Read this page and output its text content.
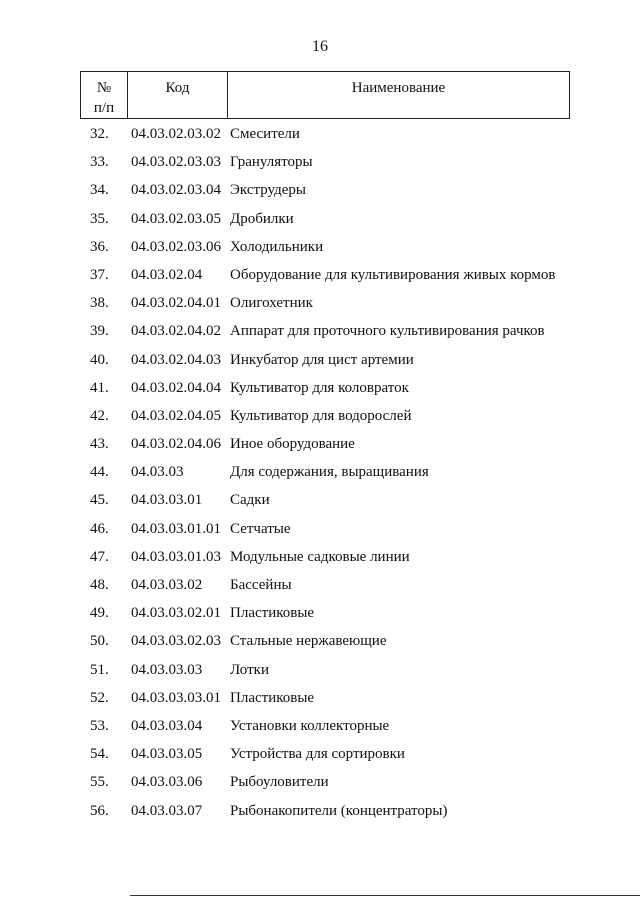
16
№
п/п
Код	Наименование
32. 04.03.02.03.02 Смесители
33. 04.03.02.03.03 Грануляторы
34. 04.03.02.03.04 Экструдеры
35. 04.03.02.03.05 Дробилки
36. 04.03.02.03.06 Холодильники
37. 04.03.02.04 Оборудование для культивирования живых кормов
38. 04.03.02.04.01 Олигохетник
39. 04.03.02.04.02 Аппарат для проточного культивирования рачков
40. 04.03.02.04.03 Инкубатор для цист артемии
41. 04.03.02.04.04 Культиватор для коловраток
42. 04.03.02.04.05 Культиватор для водорослей
43. 04.03.02.04.06 Иное оборудование
44. 04.03.03	Для содержания, выращивания
45. 04.03.03.01 Садки
46. 04.03.03.01.01 Сетчатые
47. 04.03.03.01.03 Модульные садковые линии
48. 04.03.03.02 Бассейны
49. 04.03.03.02.01 Пластиковые
50. 04.03.03.02.03 Стальные нержавеющие
51. 04.03.03.03 Лотки
52. 04.03.03.03.01 Пластиковые
53. 04.03.03.04 Установки коллекторные
54. 04.03.03.05 Устройства для сортировки
55. 04.03.03.06 Рыбоуловители
56. 04.03.03.07 Рыбонакопители (концентраторы)
